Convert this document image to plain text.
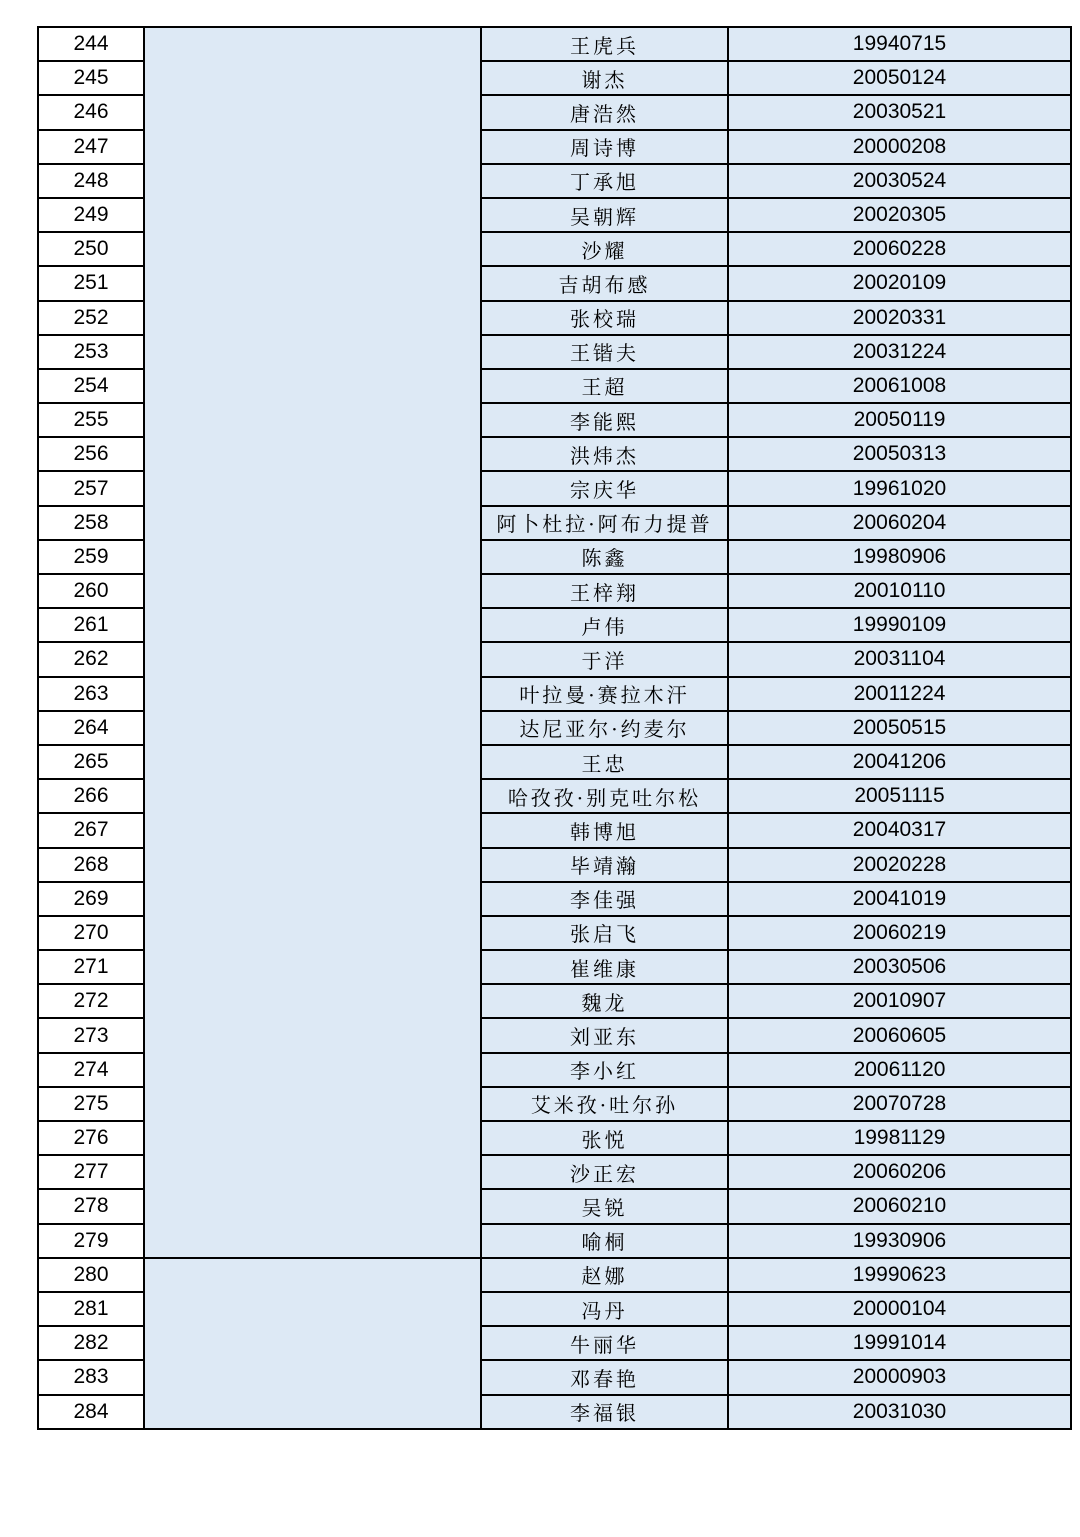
244		王虎兵	19940715
245		谢杰	20050124
246		唐浩然	20030521
247		周诗博	20000208
248		丁承旭	20030524
249		吴朝辉	20020305
250		沙耀	20060228
251		吉胡布感	20020109
252		张校瑞	20020331
253		王锴夫	20031224
254		王超	20061008
255		李能熙	20050119
256		洪炜杰	20050313
257		宗庆华	19961020
258		阿卜杜拉·阿布力提普	20060204
259		陈鑫	19980906
260		王梓翔	20010110
261		卢伟	19990109
262		于洋	20031104
263		叶拉曼·赛拉木汗	20011224
264		达尼亚尔·约麦尔	20050515
265		王忠	20041206
266		哈孜孜·别克吐尔松	20051115
267		韩博旭	20040317
268		毕靖瀚	20020228
269		李佳强	20041019
270		张启飞	20060219
271		崔维康	20030506
272		魏龙	20010907
273		刘亚东	20060605
274		李小红	20061120
275		艾米孜·吐尔孙	20070728
276		张悦	19981129
277		沙正宏	20060206
278		吴锐	20060210
279		喻桐	19930906
280		赵娜	19990623
281		冯丹	20000104
282		牛丽华	19991014
283		邓春艳	20000903
284		李福银	20031030
